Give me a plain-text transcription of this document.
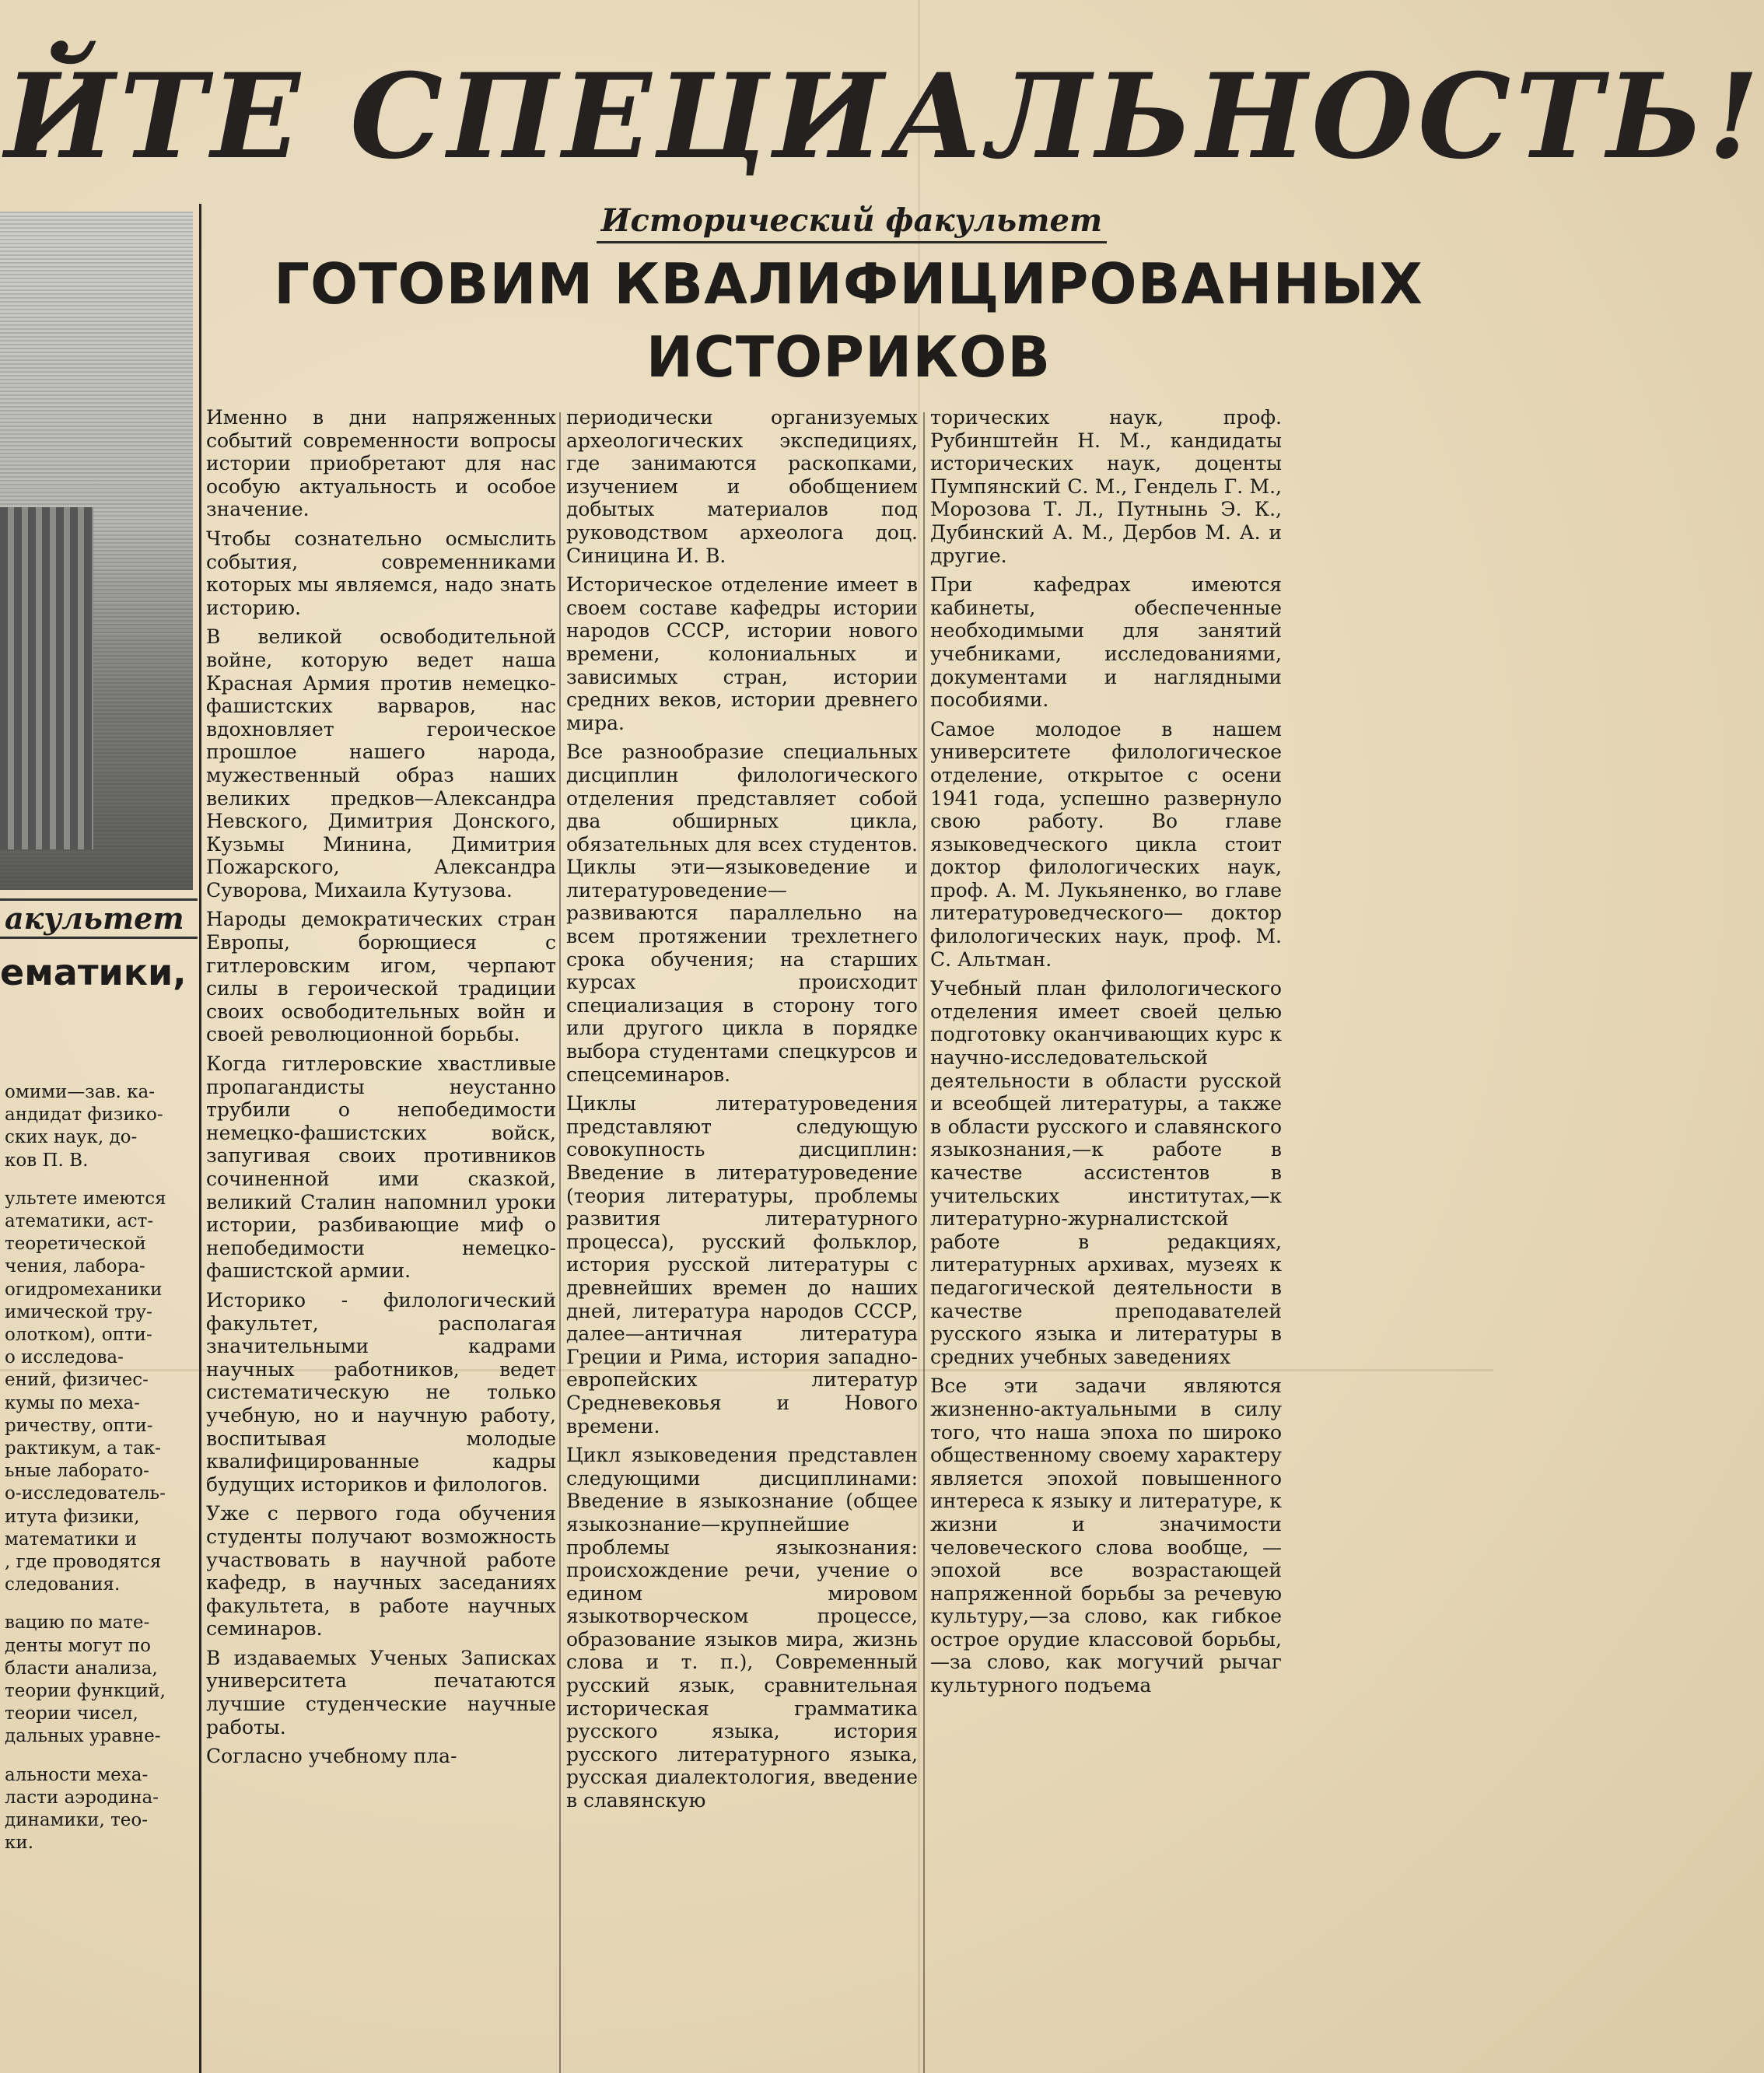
ЙТЕ СПЕЦИАЛЬНОСТЬ!
акультет
ематики,
омими—зав. ка-
андидат физико-
ских наук, до-
ков П. В.
ультете имеются
атематики, аст-
теоретической
чения, лабора-
огидромеханики
имической тру-
олотком), опти-
о исследова-
ений, физичес-
кумы по меха-
ричеству, опти-
рактикум, а так-
ьные лаборато-
о-исследователь-
итута физики,
математики и
, где проводятся
следования.
вацию по мате-
денты могут по
бласти анализа,
теории функций,
теории чисел,
дальных уравне-
альности меха-
ласти аэродина-
динамики, тео-
ки.
Исторический факультет
ГОТОВИМ КВАЛИФИЦИРОВАННЫХ
ИСТОРИКОВ

Именно в дни напряженных событий современности вопросы истории приобретают для нас особую актуальность и особое значение.

Чтобы сознательно осмыслить события, современниками которых мы являемся, надо знать историю.

В великой освободительной войне, которую ведет наша Красная Армия против немецко-фашистских варваров, нас вдохновляет героическое прошлое нашего народа, мужественный образ наших великих предков—Александра Невского, Димитрия Донского, Кузьмы Минина, Димитрия Пожарского, Александра Суворова, Михаила Кутузова.

Народы демократических стран Европы, борющиеся с гитлеровским игом, черпают силы в героической традиции своих освободительных войн и своей революционной борьбы.

Когда гитлеровские хвастливые пропагандисты неустанно трубили о непобедимости немецко-фашистских войск, запугивая своих противников сочиненной ими сказкой, великий Сталин напомнил уроки истории, разбивающие миф о непобедимости немецко-фашистской армии.

Историко - филологический факультет, располагая значительными кадрами научных работников, ведет систематическую не только учебную, но и научную работу, воспитывая молодые квалифицированные кадры будущих историков и филологов.

Уже с первого года обучения студенты получают возможность участвовать в научной работе кафедр, в научных заседаниях факультета, в работе научных семинаров.

В издаваемых Ученых Записках университета печатаются лучшие студенческие научные работы.

Согласно учебному пла-

периодически организуемых археологических экспедициях, где занимаются раскопками, изучением и обобщением добытых материалов под руководством археолога доц. Синицина И. В.

Историческое отделение имеет в своем составе кафедры истории народов СССР, истории нового времени, колониальных и зависимых стран, истории средних веков, истории древнего мира.

Все разнообразие специальных дисциплин филологического отделения представляет собой два обширных цикла, обязательных для всех студентов. Циклы эти—языковедение и литературоведение—развиваются параллельно на всем протяжении трехлетнего срока обучения; на старших курсах происходит специализация в сторону того или другого цикла в порядке выбора студентами спецкурсов и спецсеминаров.

Циклы литературоведения представляют следующую совокупность дисциплин: Введение в литературоведение (теория литературы, проблемы развития литературного процесса), русский фольклор, история русской литературы с древнейших времен до наших дней, литература народов СССР, далее—античная литература Греции и Рима, история западно-европейских литератур Средневековья и Нового времени.

Цикл языковедения представлен следующими дисциплинами: Введение в языкознание (общее языкознание—крупнейшие проблемы языкознания: происхождение речи, учение о едином мировом языкотворческом процессе, образование языков мира, жизнь слова и т. п.), Современный русский язык, сравнительная историческая грамматика русского языка, история русского литературного языка, русская диалектология, введение в славянскую

торических наук, проф. Рубинштейн Н. М., кандидаты исторических наук, доценты Пумпянский С. М., Гендель Г. М., Морозова Т. Л., Путнынь Э. К., Дубинский А. М., Дербов М. А. и другие.

При кафедрах имеются кабинеты, обеспеченные необходимыми для занятий учебниками, исследованиями, документами и наглядными пособиями.

Самое молодое в нашем университете филологическое отделение, открытое с осени 1941 года, успешно развернуло свою работу. Во главе языковедческого цикла стоит доктор филологических наук, проф. А. М. Лукьяненко, во главе литературоведческого— доктор филологических наук, проф. М. С. Альтман.

Учебный план филологического отделения имеет своей целью подготовку оканчивающих курс к научно-исследовательской деятельности в области русской и всеобщей литературы, а также в области русского и славянского языкознания,—к работе в качестве ассистентов в учительских институтах,—к литературно-журналистской работе в редакциях, литературных архивах, музеях к педагогической деятельности в качестве преподавателей русского языка и литературы в средних учебных заведениях

Все эти задачи являются жизненно-актуальными в силу того, что наша эпоха по широко общественному своему характеру является эпохой повышенного интереса к языку и литературе, к жизни и значимости человеческого слова вообще, —эпохой все возрастающей напряженной борьбы за речевую культуру,—за слово, как гибкое острое орудие классовой борьбы,—за слово, как могучий рычаг культурного подъема
